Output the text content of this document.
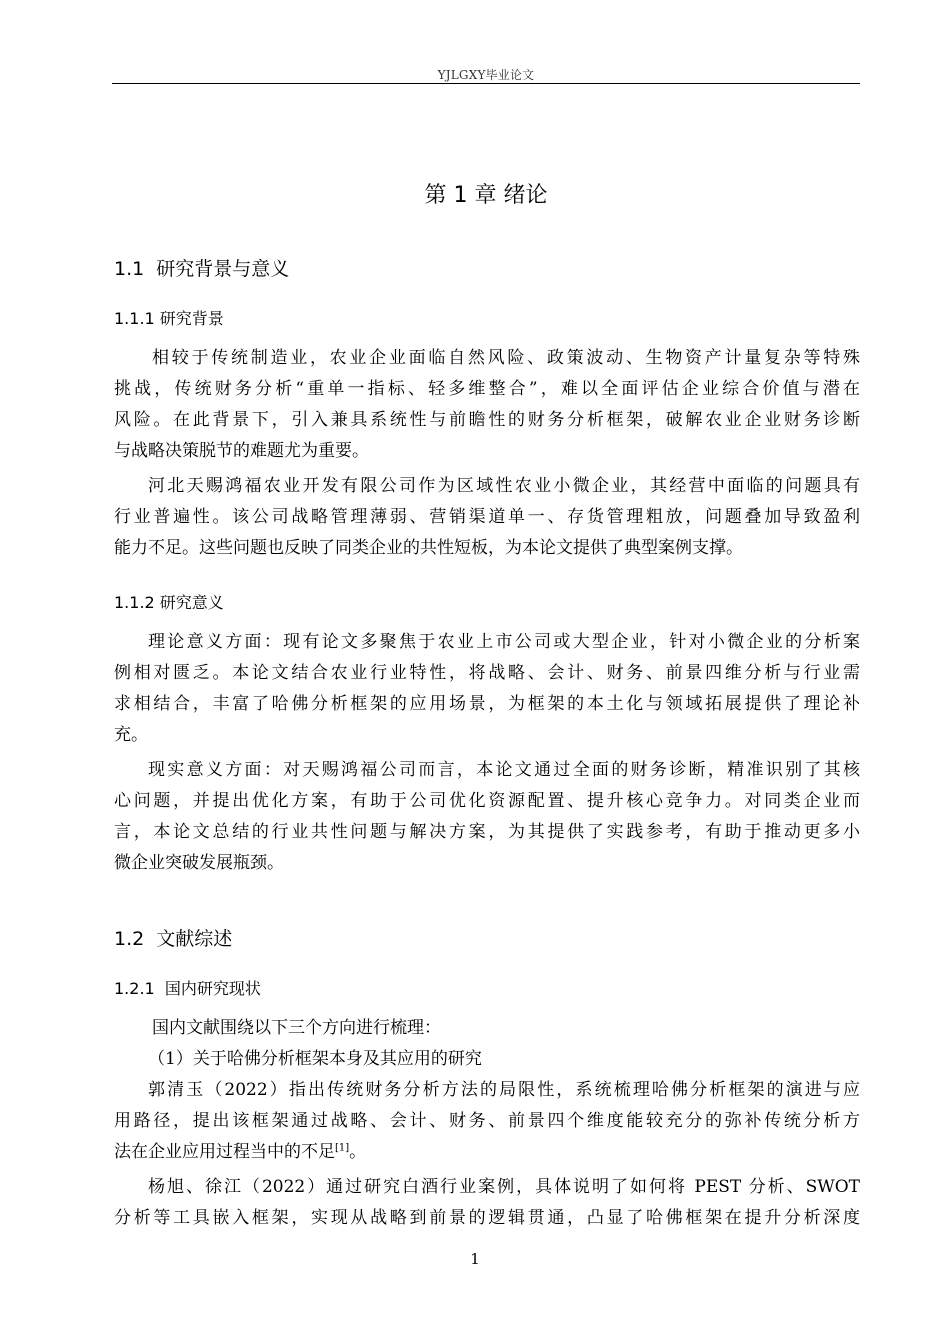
YJLGXY毕业论文
第 1 章 绪论
1.1  研究背景与意义
1.1.1 研究背景
相较于传统制造业，农业企业面临自然风险、政策波动、生物资产计量复杂等特殊
挑战，传统财务分析“重单一指标、轻多维整合”，难以全面评估企业综合价值与潜在
风险。在此背景下，引入兼具系统性与前瞻性的财务分析框架，破解农业企业财务诊断
与战略决策脱节的难题尤为重要。
河北天赐鸿福农业开发有限公司作为区域性农业小微企业，其经营中面临的问题具有
行业普遍性。该公司战略管理薄弱、营销渠道单一、存货管理粗放，问题叠加导致盈利
能力不足。这些问题也反映了同类企业的共性短板，为本论文提供了典型案例支撑。
1.1.2 研究意义
理论意义方面：现有论文多聚焦于农业上市公司或大型企业，针对小微企业的分析案
例相对匮乏。本论文结合农业行业特性，将战略、会计、财务、前景四维分析与行业需
求相结合，丰富了哈佛分析框架的应用场景，为框架的本土化与领域拓展提供了理论补
充。
现实意义方面：对天赐鸿福公司而言，本论文通过全面的财务诊断，精准识别了其核
心问题，并提出优化方案，有助于公司优化资源配置、提升核心竞争力。对同类企业而
言，本论文总结的行业共性问题与解决方案，为其提供了实践参考，有助于推动更多小
微企业突破发展瓶颈。
1.2  文献综述
1.2.1  国内研究现状
国内文献围绕以下三个方向进行梳理：
（1）关于哈佛分析框架本身及其应用的研究
郭清玉（2022）指出传统财务分析方法的局限性，系统梳理哈佛分析框架的演进与应
用路径，提出该框架通过战略、会计、财务、前景四个维度能较充分的弥补传统分析方
法在企业应用过程当中的不足[1]。
杨旭、徐江（2022）通过研究白酒行业案例，具体说明了如何将 PEST 分析、SWOT
分析等工具嵌入框架，实现从战略到前景的逻辑贯通，凸显了哈佛框架在提升分析深度
1
